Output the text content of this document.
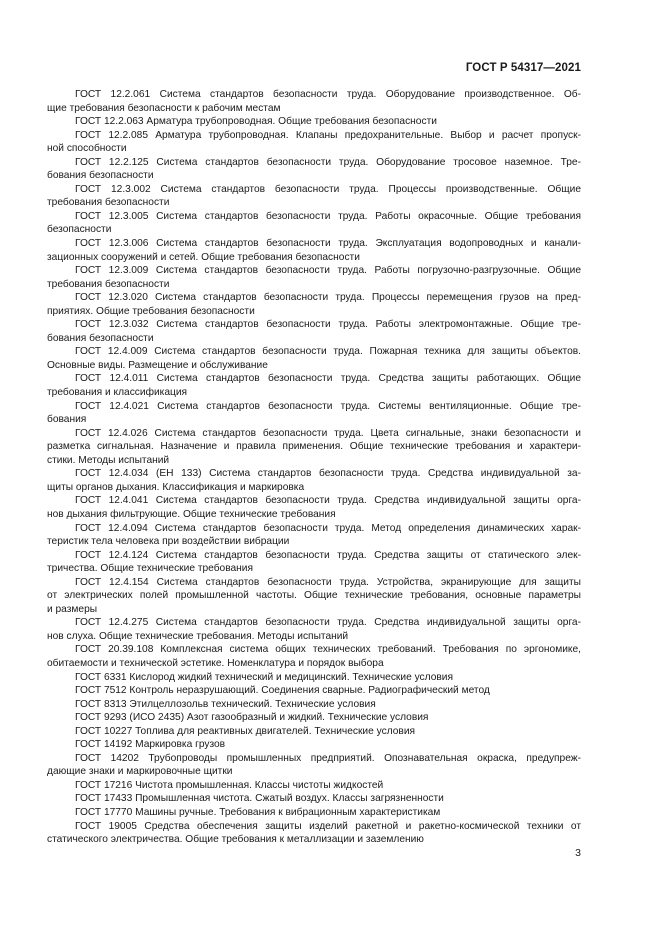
ГОСТ Р 54317—2021

ГОСТ 12.2.061 Система стандартов безопасности труда. Оборудование производственное. Об-
щие требования безопасности к рабочим местам

ГОСТ 12.2.063 Арматура трубопроводная. Общие требования безопасности

ГОСТ 12.2.085 Арматура трубопроводная. Клапаны предохранительные. Выбор и расчет пропуск-
ной способности

ГОСТ 12.2.125 Система стандартов безопасности труда. Оборудование тросовое наземное. Тре-
бования безопасности

ГОСТ 12.3.002 Система стандартов безопасности труда. Процессы производственные. Общие
требования безопасности

ГОСТ 12.3.005 Система стандартов безопасности труда. Работы окрасочные. Общие требования
безопасности

ГОСТ 12.3.006 Система стандартов безопасности труда. Эксплуатация водопроводных и канали-
зационных сооружений и сетей. Общие требования безопасности

ГОСТ 12.3.009 Система стандартов безопасности труда. Работы погрузочно-разгрузочные. Общие
требования безопасности

ГОСТ 12.3.020 Система стандартов безопасности труда. Процессы перемещения грузов на пред-
приятиях. Общие требования безопасности

ГОСТ 12.3.032 Система стандартов безопасности труда. Работы электромонтажные. Общие тре-
бования безопасности

ГОСТ 12.4.009 Система стандартов безопасности труда. Пожарная техника для защиты объектов.
Основные виды. Размещение и обслуживание

ГОСТ 12.4.011 Система стандартов безопасности труда. Средства защиты работающих. Общие
требования и классификация

ГОСТ 12.4.021 Система стандартов безопасности труда. Системы вентиляционные. Общие тре-
бования

ГОСТ 12.4.026 Система стандартов безопасности труда. Цвета сигнальные, знаки безопасности и
разметка сигнальная. Назначение и правила применения. Общие технические требования и характери-
стики. Методы испытаний

ГОСТ 12.4.034 (ЕН 133) Система стандартов безопасности труда. Средства индивидуальной за-
щиты органов дыхания. Классификация и маркировка

ГОСТ 12.4.041 Система стандартов безопасности труда. Средства индивидуальной защиты орга-
нов дыхания фильтрующие. Общие технические требования

ГОСТ 12.4.094 Система стандартов безопасности труда. Метод определения динамических харак-
теристик тела человека при воздействии вибрации

ГОСТ 12.4.124 Система стандартов безопасности труда. Средства защиты от статического элек-
тричества. Общие технические требования

ГОСТ 12.4.154 Система стандартов безопасности труда. Устройства, экранирующие для защиты
от электрических полей промышленной частоты. Общие технические требования, основные параметры
и размеры

ГОСТ 12.4.275 Система стандартов безопасности труда. Средства индивидуальной защиты орга-
нов слуха. Общие технические требования. Методы испытаний

ГОСТ 20.39.108 Комплексная система общих технических требований. Требования по эргономике,
обитаемости и технической эстетике. Номенклатура и порядок выбора

ГОСТ 6331 Кислород жидкий технический и медицинский. Технические условия

ГОСТ 7512 Контроль неразрушающий. Соединения сварные. Радиографический метод

ГОСТ 8313 Этилцеллозольв технический. Технические условия

ГОСТ 9293 (ИСО 2435) Азот газообразный и жидкий. Технические условия

ГОСТ 10227 Топлива для реактивных двигателей. Технические условия

ГОСТ 14192 Маркировка грузов

ГОСТ 14202 Трубопроводы промышленных предприятий. Опознавательная окраска, предупреж-
дающие знаки и маркировочные щитки

ГОСТ 17216 Чистота промышленная. Классы чистоты жидкостей

ГОСТ 17433 Промышленная чистота. Сжатый воздух. Классы загрязненности

ГОСТ 17770 Машины ручные. Требования к вибрационным характеристикам

ГОСТ 19005 Средства обеспечения защиты изделий ракетной и ракетно-космической техники от
статического электричества. Общие требования к металлизации и заземлению

3
